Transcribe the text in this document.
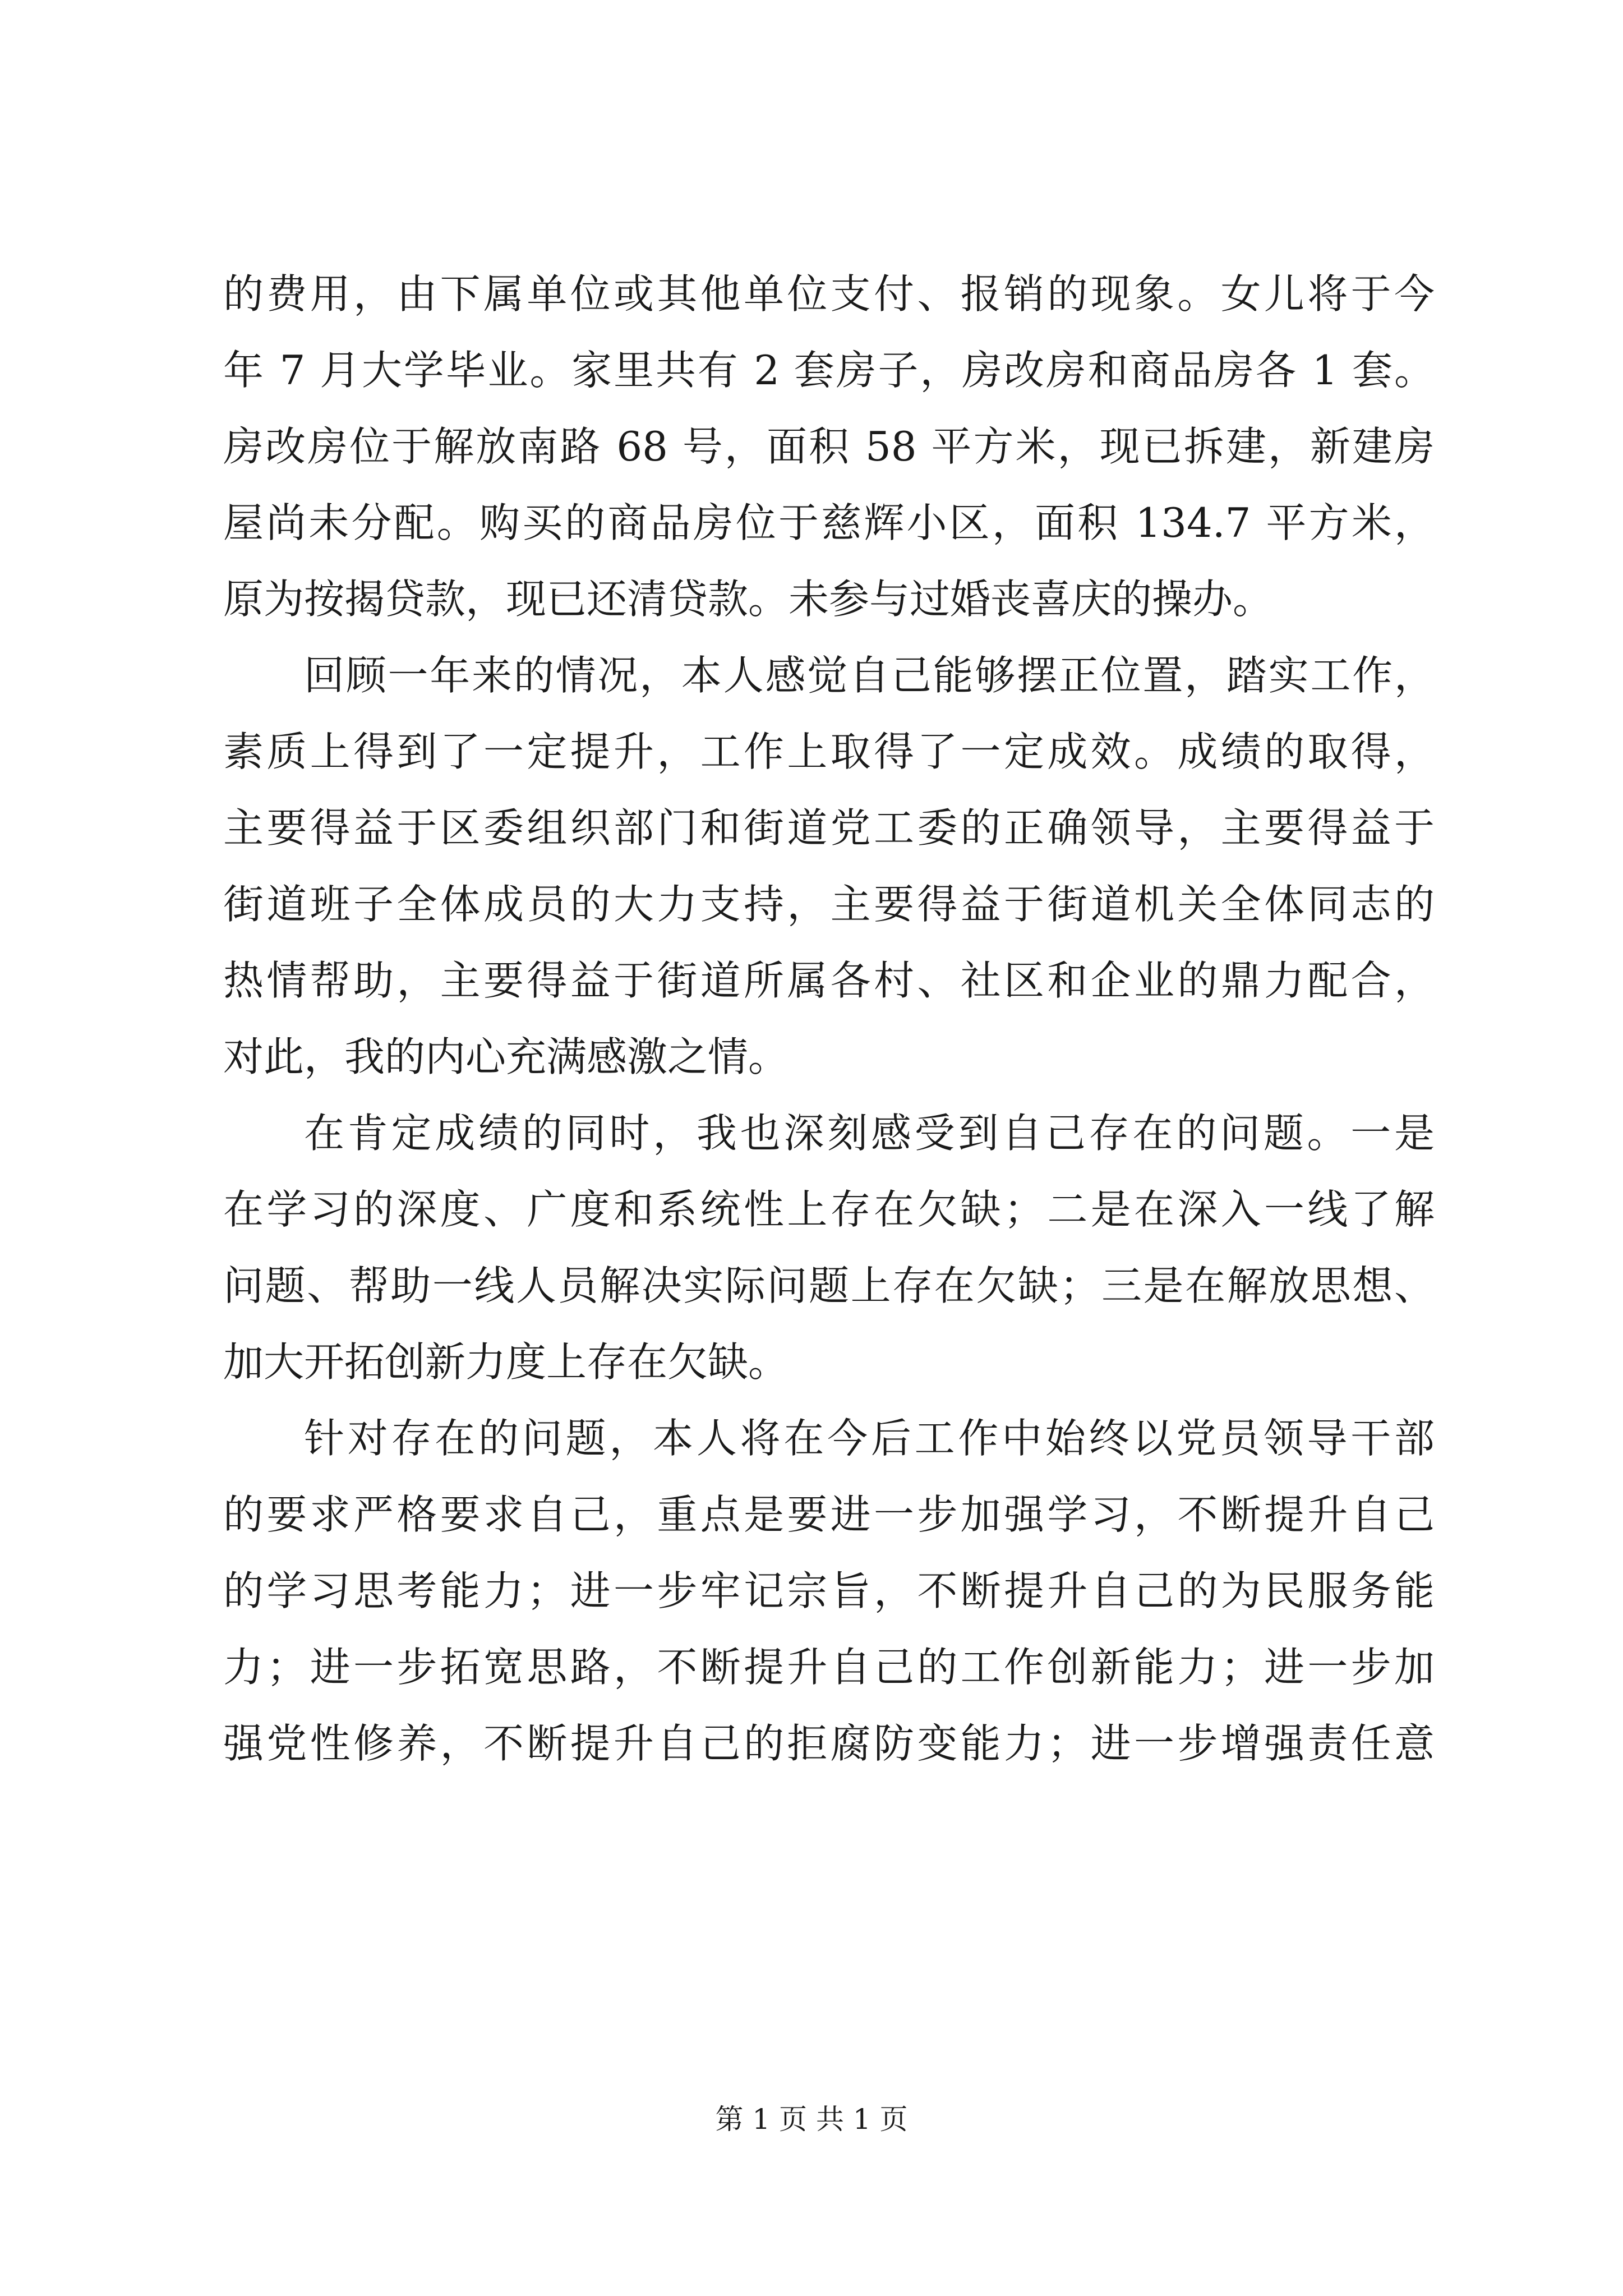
的费用，由下属单位或其他单位支付、报销的现象。女儿将于今
年 7 月大学毕业。家里共有 2 套房子，房改房和商品房各 1 套。
房改房位于解放南路 68 号，面积 58 平方米，现已拆建，新建房
屋尚未分配。购买的商品房位于慈辉小区，面积 134.7 平方米，
原为按揭贷款，现已还清贷款。未参与过婚丧喜庆的操办。
回顾一年来的情况，本人感觉自己能够摆正位置，踏实工作，
素质上得到了一定提升，工作上取得了一定成效。成绩的取得，
主要得益于区委组织部门和街道党工委的正确领导，主要得益于
街道班子全体成员的大力支持，主要得益于街道机关全体同志的
热情帮助，主要得益于街道所属各村、社区和企业的鼎力配合，
对此，我的内心充满感激之情。
在肯定成绩的同时，我也深刻感受到自己存在的问题。一是
在学习的深度、广度和系统性上存在欠缺；二是在深入一线了解
问题、帮助一线人员解决实际问题上存在欠缺；三是在解放思想、
加大开拓创新力度上存在欠缺。
针对存在的问题，本人将在今后工作中始终以党员领导干部
的要求严格要求自己，重点是要进一步加强学习，不断提升自己
的学习思考能力；进一步牢记宗旨，不断提升自己的为民服务能
力；进一步拓宽思路，不断提升自己的工作创新能力；进一步加
强党性修养，不断提升自己的拒腐防变能力；进一步增强责任意
第 1 页 共 1 页
